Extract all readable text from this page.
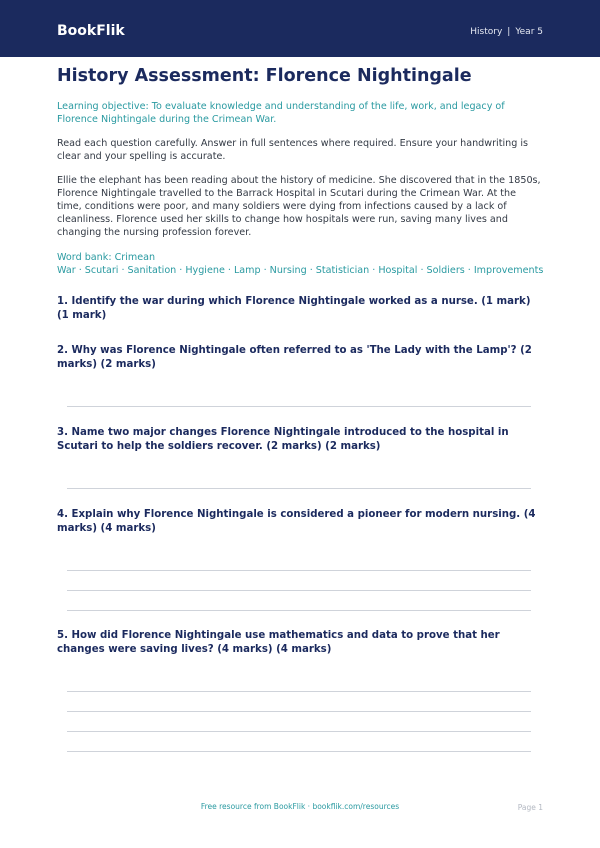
BookFlik	History | Year 5
History Assessment: Florence Nightingale

Learning objective: To evaluate knowledge and understanding of the life, work, and legacy of Florence Nightingale during the Crimean War.

Read each question carefully. Answer in full sentences where required. Ensure your handwriting is clear and your spelling is accurate.

Ellie the elephant has been reading about the history of medicine. She discovered that in the 1850s, Florence Nightingale travelled to the Barrack Hospital in Scutari during the Crimean War. At the time, conditions were poor, and many soldiers were dying from infections caused by a lack of cleanliness. Florence used her skills to change how hospitals were run, saving many lives and changing the nursing profession forever.

Word bank: Crimean War · Scutari · Sanitation · Hygiene · Lamp · Nursing · Statistician · Hospital · Soldiers · Improvements

1. Identify the war during which Florence Nightingale worked as a nurse. (1 mark) (1 mark)
2. Why was Florence Nightingale often referred to as 'The Lady with the Lamp'? (2 marks) (2 marks)
3. Name two major changes Florence Nightingale introduced to the hospital in Scutari to help the soldiers recover. (2 marks) (2 marks)
4. Explain why Florence Nightingale is considered a pioneer for modern nursing. (4 marks) (4 marks)
5. How did Florence Nightingale use mathematics and data to prove that her changes were saving lives? (4 marks) (4 marks)
Free resource from BookFlik · bookflik.com/resources	Page 1
